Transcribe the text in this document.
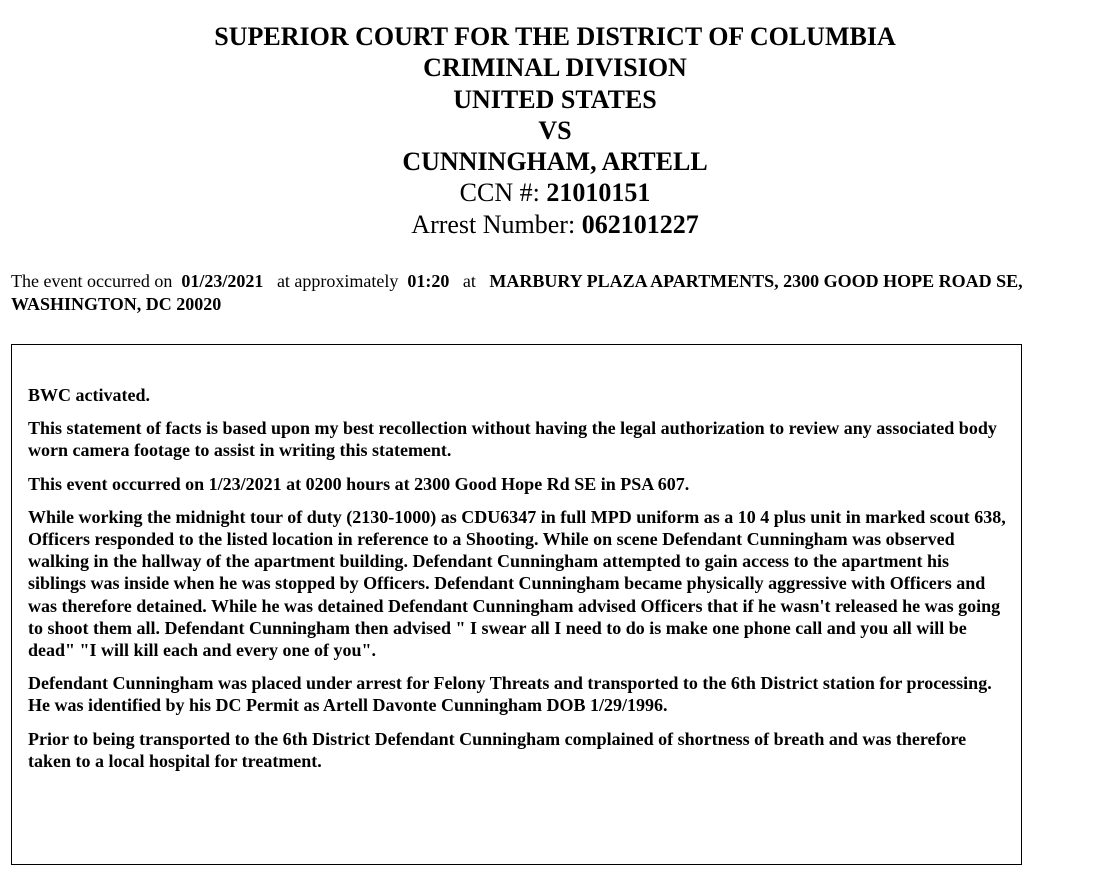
SUPERIOR COURT FOR THE DISTRICT OF COLUMBIA
CRIMINAL DIVISION
UNITED STATES
VS
CUNNINGHAM, ARTELL
CCN #: 21010151
Arrest Number: 062101227
The event occurred on 01/23/2021 at approximately 01:20 at MARBURY PLAZA APARTMENTS, 2300 GOOD HOPE ROAD SE, WASHINGTON, DC 20020

BWC activated.

This statement of facts is based upon my best recollection without having the legal authorization to review any associated body worn camera footage to assist in writing this statement.

This event occurred on 1/23/2021 at 0200 hours at 2300 Good Hope Rd SE in PSA 607.

While working the midnight tour of duty (2130-1000) as CDU6347 in full MPD uniform as a 10 4 plus unit in marked scout 638, Officers responded to the listed location in reference to a Shooting. While on scene Defendant Cunningham was observed walking in the hallway of the apartment building. Defendant Cunningham attempted to gain access to the apartment his siblings was inside when he was stopped by Officers. Defendant Cunningham became physically aggressive with Officers and was therefore detained. While he was detained Defendant Cunningham advised Officers that if he wasn't released he was going to shoot them all. Defendant Cunningham then advised " I swear all I need to do is make one phone call and you all will be dead" "I will kill each and every one of you".

Defendant Cunningham was placed under arrest for Felony Threats and transported to the 6th District station for processing. He was identified by his DC Permit as Artell Davonte Cunningham DOB 1/29/1996.

Prior to being transported to the 6th District Defendant Cunningham complained of shortness of breath and was therefore taken to a local hospital for treatment.
